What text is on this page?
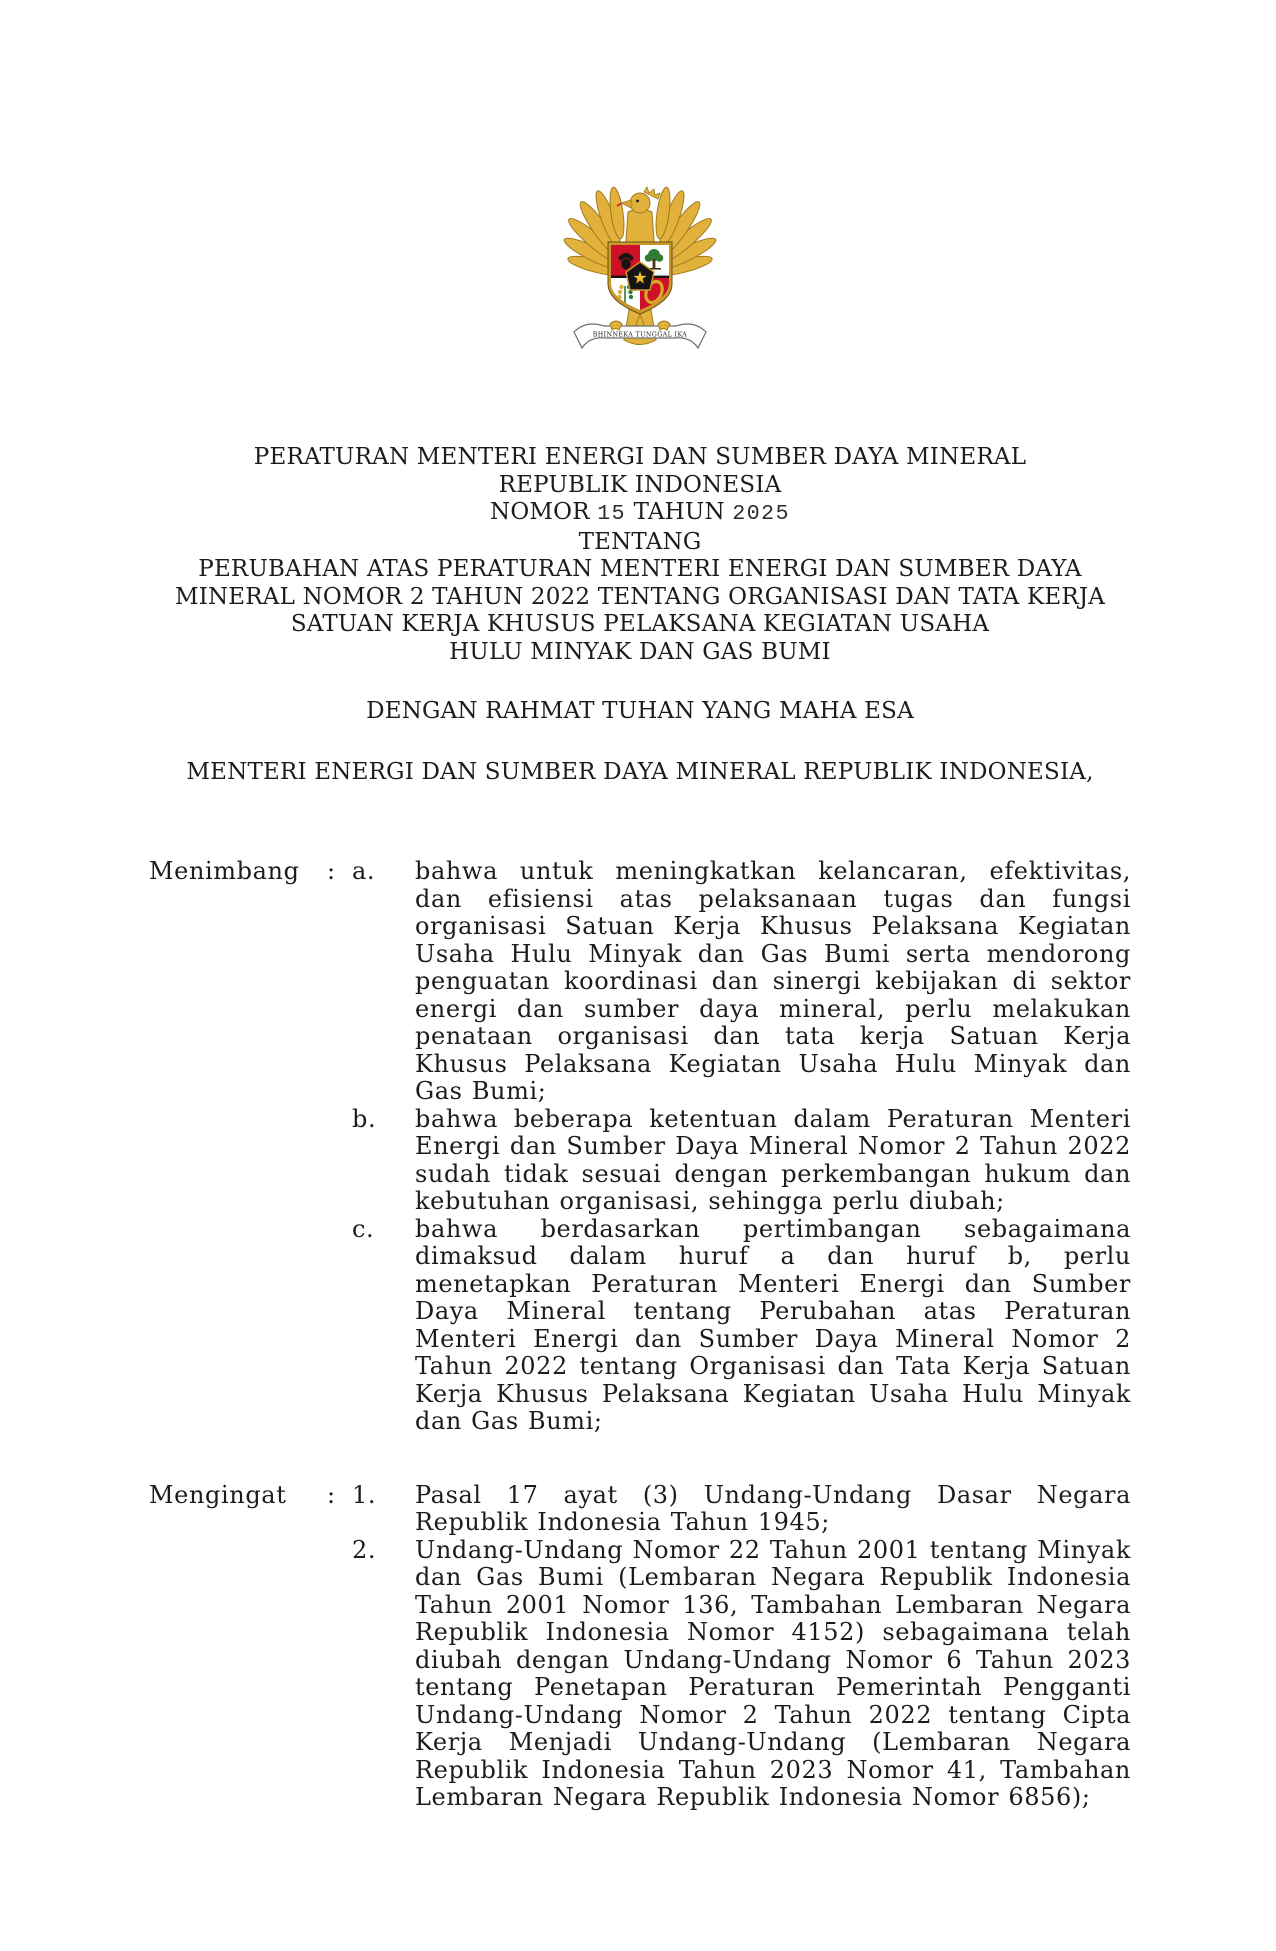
★
BHINNEKA TUNGGAL IKA
PERATURAN MENTERI ENERGI DAN SUMBER DAYA MINERAL
REPUBLIK INDONESIA
NOMOR 15 TAHUN 2025
TENTANG
PERUBAHAN ATAS PERATURAN MENTERI ENERGI DAN SUMBER DAYA
MINERAL NOMOR 2 TAHUN 2022 TENTANG ORGANISASI DAN TATA KERJA
SATUAN KERJA KHUSUS PELAKSANA KEGIATAN USAHA
HULU MINYAK DAN GAS BUMI
DENGAN RAHMAT TUHAN YANG MAHA ESA
MENTERI ENERGI DAN SUMBER DAYA MINERAL REPUBLIK INDONESIA,
Menimbang	: a.	bahwa untuk meningkatkan kelancaran, efektivitas, dan efisiensi atas pelaksanaan tugas dan fungsi organisasi Satuan Kerja Khusus Pelaksana Kegiatan Usaha Hulu Minyak dan Gas Bumi serta mendorong penguatan koordinasi dan sinergi kebijakan di sektor energi dan sumber daya mineral, perlu melakukan penataan organisasi dan tata kerja Satuan Kerja Khusus Pelaksana Kegiatan Usaha Hulu Minyak dan Gas Bumi;
b.	bahwa beberapa ketentuan dalam Peraturan Menteri Energi dan Sumber Daya Mineral Nomor 2 Tahun 2022 sudah tidak sesuai dengan perkembangan hukum dan kebutuhan organisasi, sehingga perlu diubah;
c.	bahwa berdasarkan pertimbangan sebagaimana dimaksud dalam huruf a dan huruf b, perlu menetapkan Peraturan Menteri Energi dan Sumber Daya Mineral tentang Perubahan atas Peraturan Menteri Energi dan Sumber Daya Mineral Nomor 2 Tahun 2022 tentang Organisasi dan Tata Kerja Satuan Kerja Khusus Pelaksana Kegiatan Usaha Hulu Minyak dan Gas Bumi;
Mengingat	: 1.	Pasal 17 ayat (3) Undang-Undang Dasar Negara Republik Indonesia Tahun 1945;
2.	Undang-Undang Nomor 22 Tahun 2001 tentang Minyak dan Gas Bumi (Lembaran Negara Republik Indonesia Tahun 2001 Nomor 136, Tambahan Lembaran Negara Republik Indonesia Nomor 4152) sebagaimana telah diubah dengan Undang-Undang Nomor 6 Tahun 2023 tentang Penetapan Peraturan Pemerintah Pengganti Undang-Undang Nomor 2 Tahun 2022 tentang Cipta Kerja Menjadi Undang-Undang (Lembaran Negara Republik Indonesia Tahun 2023 Nomor 41, Tambahan Lembaran Negara Republik Indonesia Nomor 6856);
